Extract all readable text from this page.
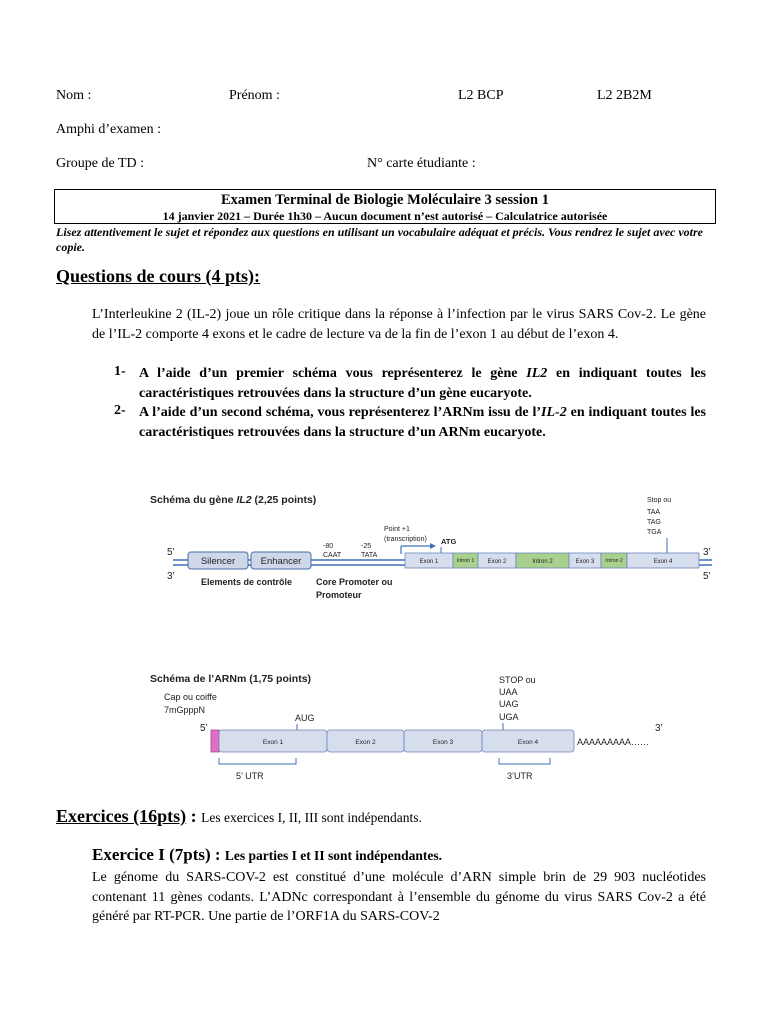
Nom :	Prénom :	L2 BCP	L2 2B2M
Amphi d’examen :
Groupe de TD :	N° carte étudiante :
Examen Terminal de Biologie Moléculaire 3 session 1
14 janvier 2021 – Durée 1h30 – Aucun document n’est autorisé – Calculatrice autorisée
Lisez attentivement le sujet et répondez aux questions en utilisant un vocabulaire adéquat et précis. Vous rendrez le sujet avec votre copie.
Questions de cours (4 pts):
L’Interleukine 2 (IL-2) joue un rôle critique dans la réponse à l’infection par le virus SARS Cov-2. Le gène de l’IL-2 comporte 4 exons et le cadre de lecture va de la fin de l’exon 1 au début de l’exon 4.
1- A l’aide d’un premier schéma vous représenterez le gène IL2 en indiquant toutes les caractéristiques retrouvées dans la structure d’un gène eucaryote.
2- A l’aide d’un second schéma, vous représenterez l’ARNm issu de l’IL-2 en indiquant toutes les caractéristiques retrouvées dans la structure d’un ARNm eucaryote.
Schéma du gène IL2 (2,25 points)
5’
3’
3’
5’
Silencer	Enhancer
Elements de contrôle
-80
CAAT
-25
TATA
Point +1
(transcription) ATG
Core Promoter ou
Promoteur
Exon 1	Intron 1 Exon 2	Intron 2	Exon 3 Intron 2	Exon 4
Stop ou
TAA
TAG
TGA
Schéma de l’ARNm (1,75 points)
Cap ou coiffe
7mGpppN
5’	3’
AUG
Exon 1	Exon 2	Exon 3	Exon 4	AAAAAAAAA……
5’ UTR	3’UTR
STOP ou
UAA
UAG
UGA
Exercices (16pts) : Les exercices I, II, III sont indépendants.
Exercice I (7pts) : Les parties I et II sont indépendantes.
Le génome du SARS-COV-2 est constitué d’une molécule d’ARN simple brin de 29 903 nucléotides contenant 11 gènes codants. L’ADNc correspondant à l’ensemble du génome du virus SARS Cov-2 a été généré par RT-PCR. Une partie de l’ORF1A du SARS-COV-2
